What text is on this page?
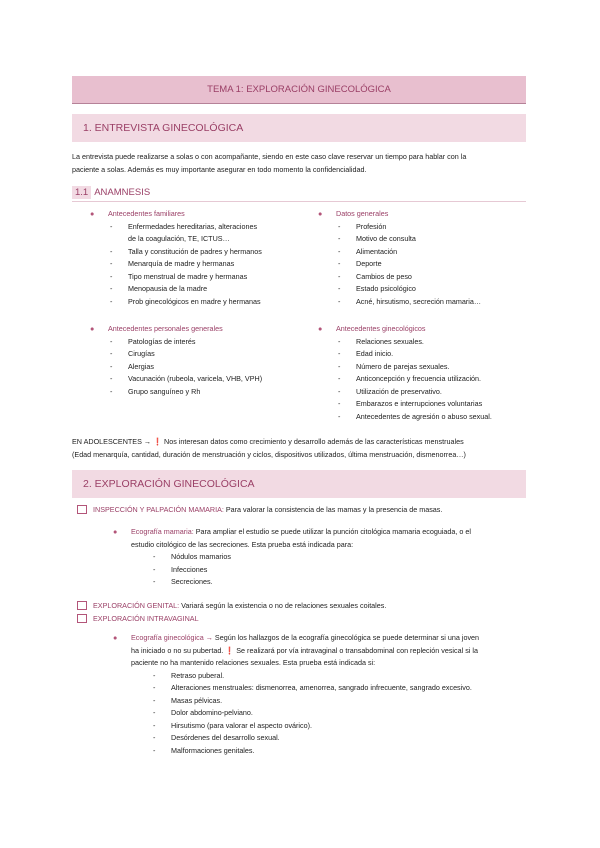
TEMA 1: EXPLORACIÓN GINECOLÓGICA
1. ENTREVISTA GINECOLÓGICA
La entrevista puede realizarse a solas o con acompañante, siendo en este caso clave reservar un tiempo para hablar con la
paciente a solas. Además es muy importante asegurar en todo momento la confidencialidad.
1.1 ANAMNESIS
● Antecedentes familiares
- Enfermedades hereditarias, alteraciones
de la coagulación, TE, ICTUS…
- Talla y constitución de padres y hermanos
- Menarquía de madre y hermanas
- Tipo menstrual de madre y hermanas
- Menopausia de la madre
- Prob ginecológicos en madre y hermanas
● Datos generales
- Profesión
- Motivo de consulta
- Alimentación
- Deporte
- Cambios de peso
- Estado psicológico
- Acné, hirsutismo, secreción mamaria…
● Antecedentes personales generales
- Patologías de interés
- Cirugías
- Alergias
- Vacunación (rubeola, varicela, VHB, VPH)
- Grupo sanguíneo y Rh
● Antecedentes ginecológicos
- Relaciones sexuales.
- Edad inicio.
- Número de parejas sexuales.
- Anticoncepción y frecuencia utilización.
- Utilización de preservativo.
- Embarazos e interrupciones voluntarias
- Antecedentes de agresión o abuso sexual.
EN ADOLESCENTES → ❗ Nos interesan datos como crecimiento y desarrollo además de las características menstruales
(Edad menarquía, cantidad, duración de menstruación y ciclos, dispositivos utilizados, última menstruación, dismenorrea…)
2. EXPLORACIÓN GINECOLÓGICA
INSPECCIÓN Y PALPACIÓN MAMARIA: Para valorar la consistencia de las mamas y la presencia de masas.
● Ecografía mamaria: Para ampliar el estudio se puede utilizar la punción citológica mamaria ecoguiada, o el
estudio citológico de las secreciones. Esta prueba está indicada para:
- Nódulos mamarios
- Infecciones
- Secreciones.
EXPLORACIÓN GENITAL: Variará según la existencia o no de relaciones sexuales coitales.
EXPLORACIÓN INTRAVAGINAL
● Ecografía ginecológica → Según los hallazgos de la ecografía ginecológica se puede determinar si una joven
ha iniciado o no su pubertad. ❗ Se realizará por vía intravaginal o transabdominal con repleción vesical si la
paciente no ha mantenido relaciones sexuales. Esta prueba está indicada si:
- Retraso puberal.
- Alteraciones menstruales: dismenorrea, amenorrea, sangrado infrecuente, sangrado excesivo.
- Masas pélvicas.
- Dolor abdomino-pelviano.
- Hirsutismo (para valorar el aspecto ovárico).
- Desórdenes del desarrollo sexual.
- Malformaciones genitales.
